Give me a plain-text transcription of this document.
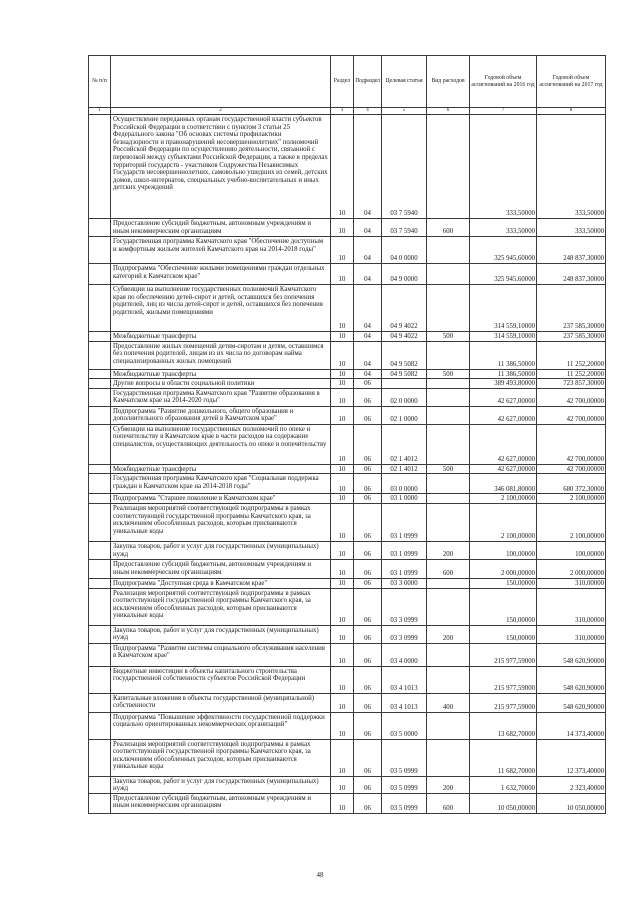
№ п/п		Раздел	Подраздел	Целевая статья	Вид расходов	Годовой объем ассигнований на 2016 год	Годовой объем ассигнований на 2017 год
1	2	3	4	5	6	7	8
	Осуществление переданных органам государственной власти субъектов Российской Федерации в соответствии с пунктом 3 статьи 25 Федерального закона "Об основах системы профилактики безнадзорности и правонарушений несовершеннолетних" полномочий Российской Федерации по осуществлению деятельности, связанной с перевозкой между субъектами Российской Федерации, а также в пределах территорий государств - участников Содружества Независимых Государств несовершеннолетних, самовольно ушедших из семей, детских домов, школ-интернатов, специальных учебно-воспитательных и иных детских учреждений	10	04	03 7 5940		333,50000	333,50000
	Предоставление субсидий бюджетным, автономным учреждениям и иным некоммерческим организациям	10	04	03 7 5940	600	333,50000	333,50000
	Государственная программа Камчатского края "Обеспечение доступным и комфортным жильем жителей Камчатского края на 2014-2018 годы"	10	04	04 0 0000		325 945,60000	248 837,30000
	Подпрограмма "Обеспечение жилыми помещениями граждан отдельных категорий в Камчатском крае"	10	04	04 9 0000		325 945,60000	248 837,30000
	Субвенции на выполнение государственных полномочий Камчатского края по обеспечению детей-сирот и детей, оставшихся без попечения родителей, лиц из числа детей-сирот и детей, оставшихся без попечения родителей, жилыми помещениями	10	04	04 9 4022		314 559,10000	237 585,30000
	Межбюджетные трансферты	10	04	04 9 4022	500	314 559,10000	237 585,30000
	Предоставление жилых помещений детям-сиротам и детям, оставшимся без попечения родителей, лицам из их числа по договорам найма специализированных жилых помещений	10	04	04 9 5082		11 386,50000	11 252,20000
	Межбюджетные трансферты	10	04	04 9 5082	500	11 386,50000	11 252,20000
	Другие вопросы в области социальной политики	10	06			389 493,80000	723 857,30000
	Государственная программа Камчатского края "Развитие образования в Камчатском крае на 2014-2020 годы"	10	06	02 0 0000		42 627,00000	42 700,00000
	Подпрограмма "Развитие дошкольного, общего образования и дополнительного образования детей в Камчатском крае"	10	06	02 1 0000		42 627,00000	42 700,00000
	Субвенции на выполнение государственных полномочий по опеке и попечительству в Камчатском крае в части расходов на содержание специалистов, осуществляющих деятельность по опеке и попечительству	10	06	02 1 4012		42 627,00000	42 700,00000
	Межбюджетные трансферты	10	06	02 1 4012	500	42 627,00000	42 700,00000
	Государственная программа Камчатского края "Социальная поддержка граждан в Камчатском крае на 2014-2018 годы"	10	06	03 0 0000		346 081,80000	680 372,30000
	Подпрограмма "Старшее поколение в Камчатском крае"	10	06	03 1 0000		2 100,00000	2 100,00000
	Реализация мероприятий соответствующей подпрограммы в рамках соответствующей государственной программы Камчатского края, за исключением обособленных расходов, которым присваиваются уникальные коды	10	06	03 1 0999		2 100,00000	2 100,00000
	Закупка товаров, работ и услуг для государственных (муниципальных) нужд	10	06	03 1 0999	200	100,00000	100,00000
	Предоставление субсидий бюджетным, автономным учреждениям и иным некоммерческим организациям	10	06	03 1 0999	600	2 000,00000	2 000,00000
	Подпрограмма "Доступная среда в Камчатском крае"	10	06	03 3 0000		150,00000	310,00000
	Реализация мероприятий соответствующей подпрограммы в рамках соответствующей государственной программы Камчатского края, за исключением обособленных расходов, которым присваиваются уникальные коды	10	06	03 3 0999		150,00000	310,00000
	Закупка товаров, работ и услуг для государственных (муниципальных) нужд	10	06	03 3 0999	200	150,00000	310,00000
	Подпрограмма "Развитие системы социального обслуживания населения в Камчатском крае"	10	06	03 4 0000		215 977,59000	548 620,90000
	Бюджетные инвестиции в объекты капитального строительства государственной собственности субъектов Российской Федерации	10	06	03 4 1013		215 977,59000	548 620,90000
	Капитальные вложения в объекты государственной (муниципальной) собственности	10	06	03 4 1013	400	215 977,59000	548 620,90000
	Подпрограмма "Повышение эффективности государственной поддержки социально ориентированных некоммерческих организаций"	10	06	03 5 0000		13 682,70000	14 373,40000
	Реализация мероприятий соответствующей подпрограммы в рамках соответствующей государственной программы Камчатского края, за исключением обособленных расходов, которым присваиваются уникальные коды	10	06	03 5 0999		11 682,70000	12 373,40000
	Закупка товаров, работ и услуг для государственных (муниципальных) нужд	10	06	03 5 0999	200	1 632,70000	2 323,40000
	Предоставление субсидий бюджетным, автономным учреждениям и иным некоммерческим организациям	10	06	03 5 0999	600	10 050,00000	10 050,00000
48
